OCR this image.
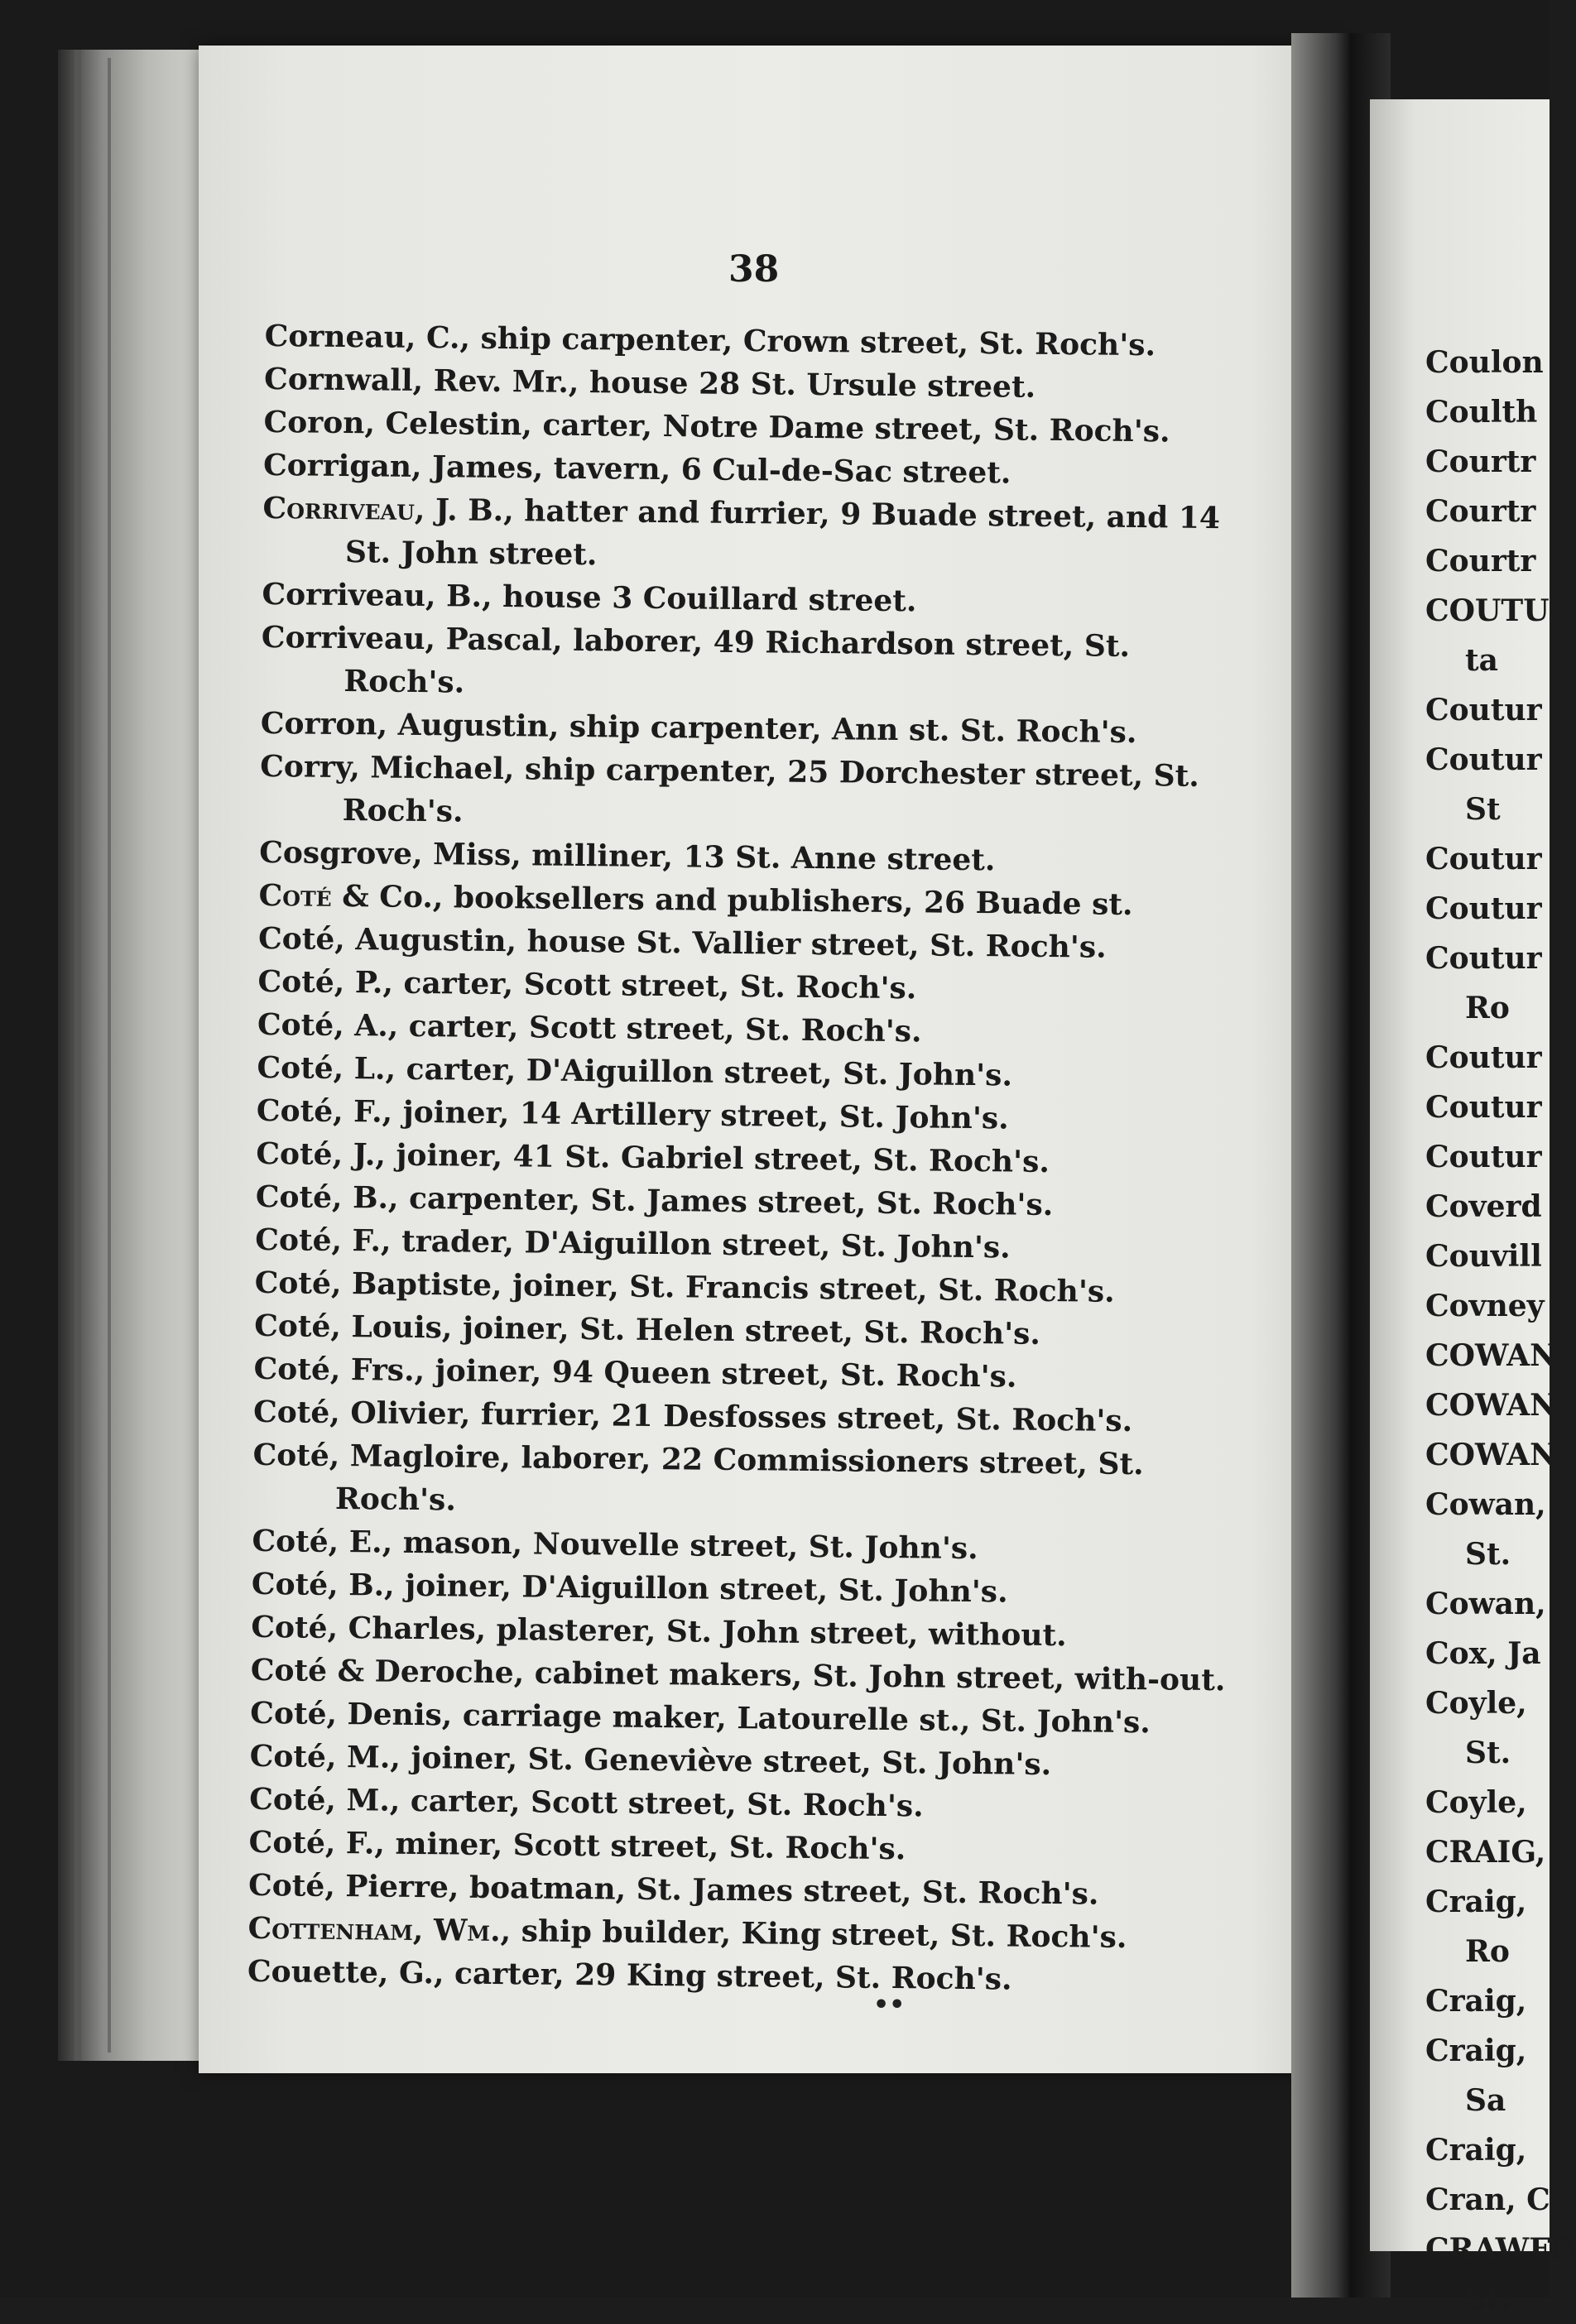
38
Corneau, C., ship carpenter, Crown street, St. Roch's.
Cornwall, Rev. Mr., house 28 St. Ursule street.
Coron, Celestin, carter, Notre Dame street, St. Roch's.
Corrigan, James, tavern, 6 Cul-de-Sac street.
Corriveau, J. B., hatter and furrier, 9 Buade street, and 14 St. John street.
Corriveau, B., house 3 Couillard street.
Corriveau, Pascal, laborer, 49 Richardson street, St. Roch's.
Corron, Augustin, ship carpenter, Ann st. St. Roch's.
Corry, Michael, ship carpenter, 25 Dorchester street, St. Roch's.
Cosgrove, Miss, milliner, 13 St. Anne street.
Coté & Co., booksellers and publishers, 26 Buade st.
Coté, Augustin, house St. Vallier street, St. Roch's.
Coté, P., carter, Scott street, St. Roch's.
Coté, A., carter, Scott street, St. Roch's.
Coté, L., carter, D'Aiguillon street, St. John's.
Coté, F., joiner, 14 Artillery street, St. John's.
Coté, J., joiner, 41 St. Gabriel street, St. Roch's.
Coté, B., carpenter, St. James street, St. Roch's.
Coté, F., trader, D'Aiguillon street, St. John's.
Coté, Baptiste, joiner, St. Francis street, St. Roch's.
Coté, Louis, joiner, St. Helen street, St. Roch's.
Coté, Frs., joiner, 94 Queen street, St. Roch's.
Coté, Olivier, furrier, 21 Desfosses street, St. Roch's.
Coté, Magloire, laborer, 22 Commissioners street, St. Roch's.
Coté, E., mason, Nouvelle street, St. John's.
Coté, B., joiner, D'Aiguillon street, St. John's.
Coté, Charles, plasterer, St. John street, without.
Coté & Deroche, cabinet makers, St. John street, with-out.
Coté, Denis, carriage maker, Latourelle st., St. John's.
Coté, M., joiner, St. Geneviève street, St. John's.
Coté, M., carter, Scott street, St. Roch's.
Coté, F., miner, Scott street, St. Roch's.
Coté, Pierre, boatman, St. James street, St. Roch's.
Cottenham, Wm., ship builder, King street, St. Roch's.
Couette, G., carter, 29 King street, St. Roch's.
Coulon
Coulth
Courtr
Courtr
Courtr
COUTU
ta
Coutur
Coutur
St
Coutur
Coutur
Coutur
Ro
Coutur
Coutur
Coutur
Coverd
Couvill
Covney
COWAN
COWAN
COWAN
Cowan,
St.
Cowan,
Cox, Ja
Coyle,
St.
Coyle,
CRAIG,
Craig,
Ro
Craig,
Craig,
Sa
Craig,
Cran, C
CRAWFO
St.
••
